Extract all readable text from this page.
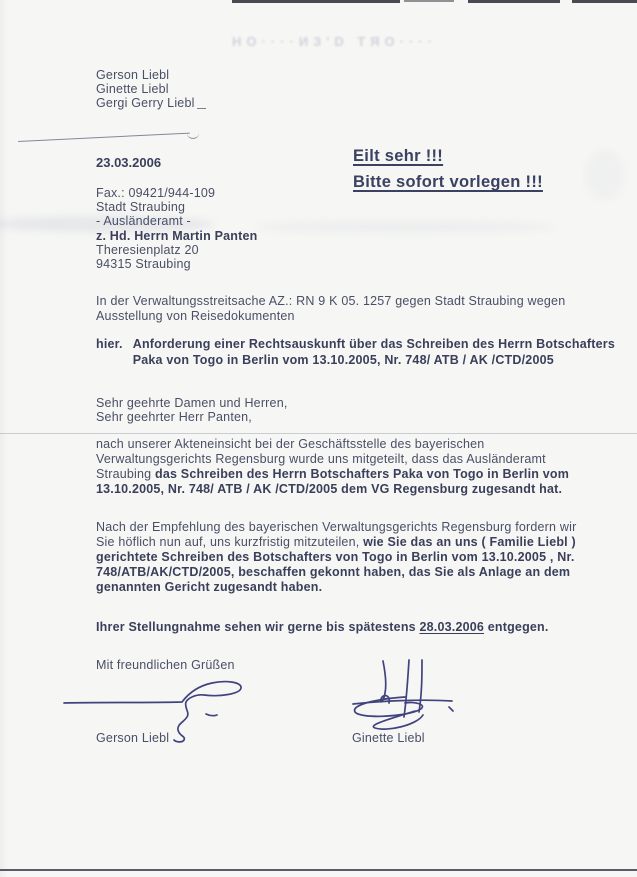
НО····ИЗ'D ТЯО····
Gerson Liebl
Ginette Liebl
Gergi Gerry Liebl
23.03.2006	Eilt sehr !!!
Bitte sofort vorlegen !!!
Fax.: 09421/944-109
Stadt Straubing
- Ausländeramt -
z. Hd. Herrn Martin Panten
Theresienplatz 20
94315 Straubing
In der Verwaltungsstreitsache AZ.: RN 9 K 05. 1257 gegen Stadt Straubing wegen
Ausstellung von Reisedokumenten
hier. Anforderung einer Rechtsauskunft über das Schreiben des Herrn Botschafters
Paka von Togo in Berlin vom 13.10.2005, Nr. 748/ ATB / AK /CTD/2005
Sehr geehrte Damen und Herren,
Sehr geehrter Herr Panten,
nach unserer Akteneinsicht bei der Geschäftsstelle des bayerischen
Verwaltungsgerichts Regensburg wurde uns mitgeteilt, dass das Ausländeramt
Straubing das Schreiben des Herrn Botschafters Paka von Togo in Berlin vom
13.10.2005, Nr. 748/ ATB / AK /CTD/2005 dem VG Regensburg zugesandt hat.
Nach der Empfehlung des bayerischen Verwaltungsgerichts Regensburg fordern wir
Sie höflich nun auf, uns kurzfristig mitzuteilen, wie Sie das an uns ( Familie Liebl )
gerichtete Schreiben des Botschafters von Togo in Berlin vom 13.10.2005 , Nr.
748/ATB/AK/CTD/2005, beschaffen gekonnt haben, das Sie als Anlage an dem
genannten Gericht zugesandt haben.
Ihrer Stellungnahme sehen wir gerne bis spätestens 28.03.2006 entgegen.
Mit freundlichen Grüßen
Gerson Liebl	Ginette Liebl
